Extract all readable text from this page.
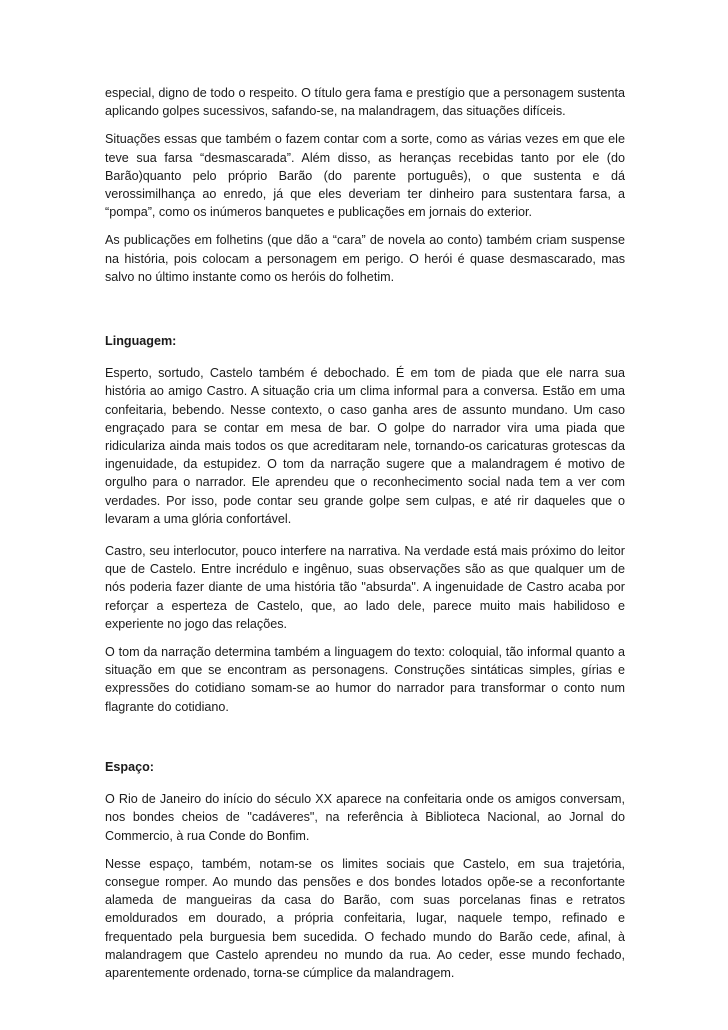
especial, digno de todo o respeito. O título gera fama e prestígio que a personagem sustenta aplicando golpes sucessivos, safando-se, na malandragem, das situações difíceis.

Situações essas que também o fazem contar com a sorte, como as várias vezes em que ele teve sua farsa “desmascarada”. Além disso, as heranças recebidas tanto por ele (do Barão)quanto pelo próprio Barão (do parente português), o que sustenta e dá verossimilhança ao enredo, já que eles deveriam ter dinheiro para sustentara farsa, a “pompa”, como os inúmeros banquetes e publicações em jornais do exterior.

As publicações em folhetins (que dão a “cara” de novela ao conto) também criam suspense na história, pois colocam a personagem em perigo. O herói é quase desmascarado, mas salvo no último instante como os heróis do folhetim.

Linguagem:

Esperto, sortudo, Castelo também é debochado. É em tom de piada que ele narra sua história ao amigo Castro. A situação cria um clima informal para a conversa. Estão em uma confeitaria, bebendo. Nesse contexto, o caso ganha ares de assunto mundano. Um caso engraçado para se contar em mesa de bar. O golpe do narrador vira uma piada que ridiculariza ainda mais todos os que acreditaram nele, tornando-os caricaturas grotescas da ingenuidade, da estupidez. O tom da narração sugere que a malandragem é motivo de orgulho para o narrador. Ele aprendeu que o reconhecimento social nada tem a ver com verdades. Por isso, pode contar seu grande golpe sem culpas, e até rir daqueles que o levaram a uma glória confortável.

Castro, seu interlocutor, pouco interfere na narrativa. Na verdade está mais próximo do leitor que de Castelo. Entre incrédulo e ingênuo, suas observações são as que qualquer um de nós poderia fazer diante de uma história tão "absurda". A ingenuidade de Castro acaba por reforçar a esperteza de Castelo, que, ao lado dele, parece muito mais habilidoso e experiente no jogo das relações.

O tom da narração determina também a linguagem do texto: coloquial, tão informal quanto a situação em que se encontram as personagens. Construções sintáticas simples, gírias e expressões do cotidiano somam-se ao humor do narrador para transformar o conto num flagrante do cotidiano.

Espaço:

O Rio de Janeiro do início do século XX aparece na confeitaria onde os amigos conversam, nos bondes cheios de "cadáveres", na referência à Biblioteca Nacional, ao Jornal do Commercio, à rua Conde do Bonfim.

Nesse espaço, também, notam-se os limites sociais que Castelo, em sua trajetória, consegue romper. Ao mundo das pensões e dos bondes lotados opõe-se a reconfortante alameda de mangueiras da casa do Barão, com suas porcelanas finas e retratos emoldurados em dourado, a própria confeitaria, lugar, naquele tempo, refinado e frequentado pela burguesia bem sucedida. O fechado mundo do Barão cede, afinal, à malandragem que Castelo aprendeu no mundo da rua. Ao ceder, esse mundo fechado, aparentemente ordenado, torna-se cúmplice da malandragem.
